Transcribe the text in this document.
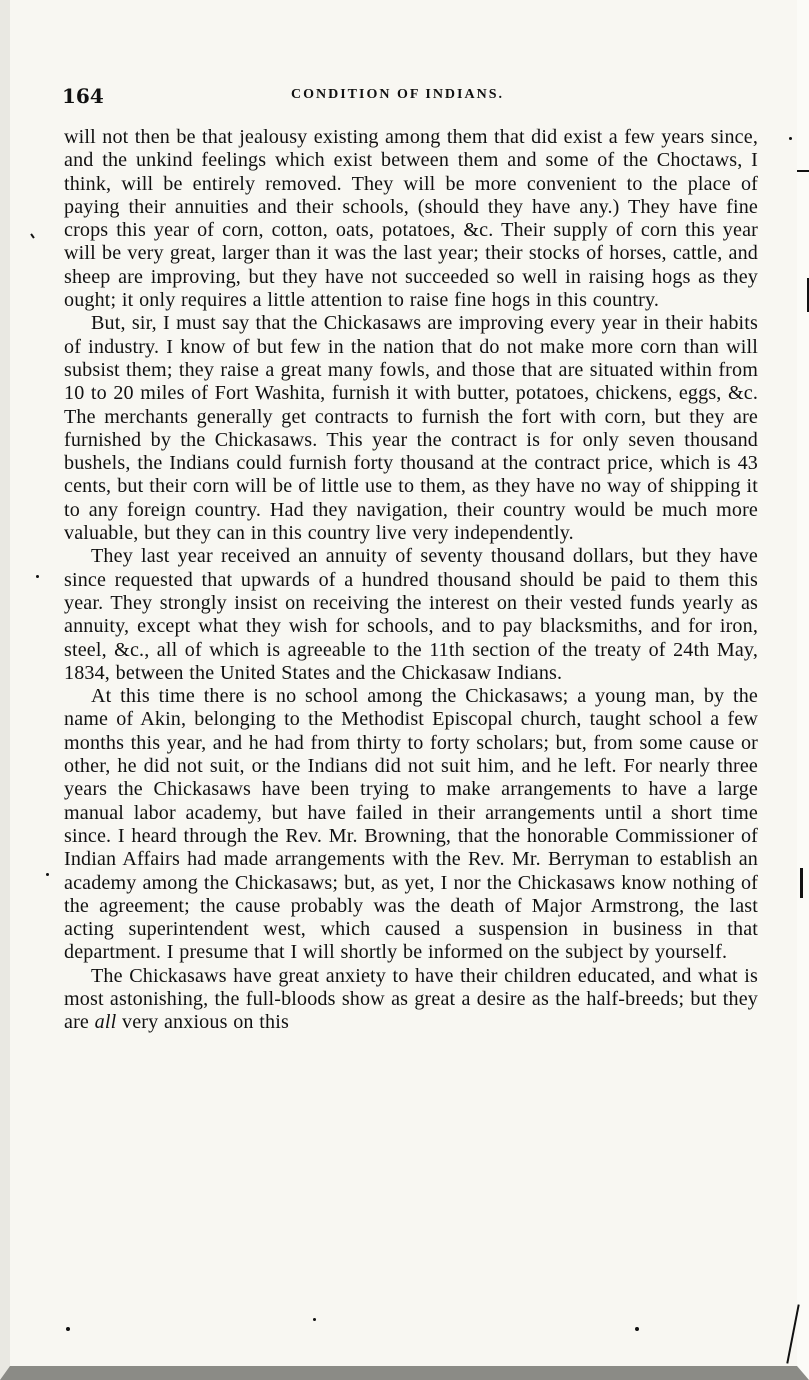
164	CONDITION OF INDIANS.

will not then be that jealousy existing among them that did exist a few years since, and the unkind feelings which exist between them and some of the Choctaws, I think, will be entirely removed. They will be more convenient to the place of paying their annuities and their schools, (should they have any.) They have fine crops this year of corn, cotton, oats, potatoes, &c. Their supply of corn this year will be very great, larger than it was the last year; their stocks of horses, cattle, and sheep are improving, but they have not succeeded so well in raising hogs as they ought; it only requires a little attention to raise fine hogs in this country.

But, sir, I must say that the Chickasaws are improving every year in their habits of industry. I know of but few in the nation that do not make more corn than will subsist them; they raise a great many fowls, and those that are situated within from 10 to 20 miles of Fort Washita, furnish it with butter, potatoes, chickens, eggs, &c. The merchants generally get contracts to furnish the fort with corn, but they are furnished by the Chickasaws. This year the contract is for only seven thousand bushels, the Indians could furnish forty thousand at the contract price, which is 43 cents, but their corn will be of little use to them, as they have no way of shipping it to any foreign country. Had they navigation, their country would be much more valuable, but they can in this country live very independently.

They last year received an annuity of seventy thousand dollars, but they have since requested that upwards of a hundred thousand should be paid to them this year. They strongly insist on receiving the interest on their vested funds yearly as annuity, except what they wish for schools, and to pay blacksmiths, and for iron, steel, &c., all of which is agreeable to the 11th section of the treaty of 24th May, 1834, between the United States and the Chickasaw Indians.

At this time there is no school among the Chickasaws; a young man, by the name of Akin, belonging to the Methodist Episcopal church, taught school a few months this year, and he had from thirty to forty scholars; but, from some cause or other, he did not suit, or the Indians did not suit him, and he left. For nearly three years the Chickasaws have been trying to make arrangements to have a large manual labor academy, but have failed in their arrangements until a short time since. I heard through the Rev. Mr. Browning, that the honorable Commissioner of Indian Affairs had made arrangements with the Rev. Mr. Berryman to establish an academy among the Chickasaws; but, as yet, I nor the Chickasaws know nothing of the agreement; the cause probably was the death of Major Armstrong, the last acting superintendent west, which caused a suspension in business in that department. I presume that I will shortly be informed on the subject by yourself.

The Chickasaws have great anxiety to have their children educated, and what is most astonishing, the full-bloods show as great a desire as the half-breeds; but they are all very anxious on this
